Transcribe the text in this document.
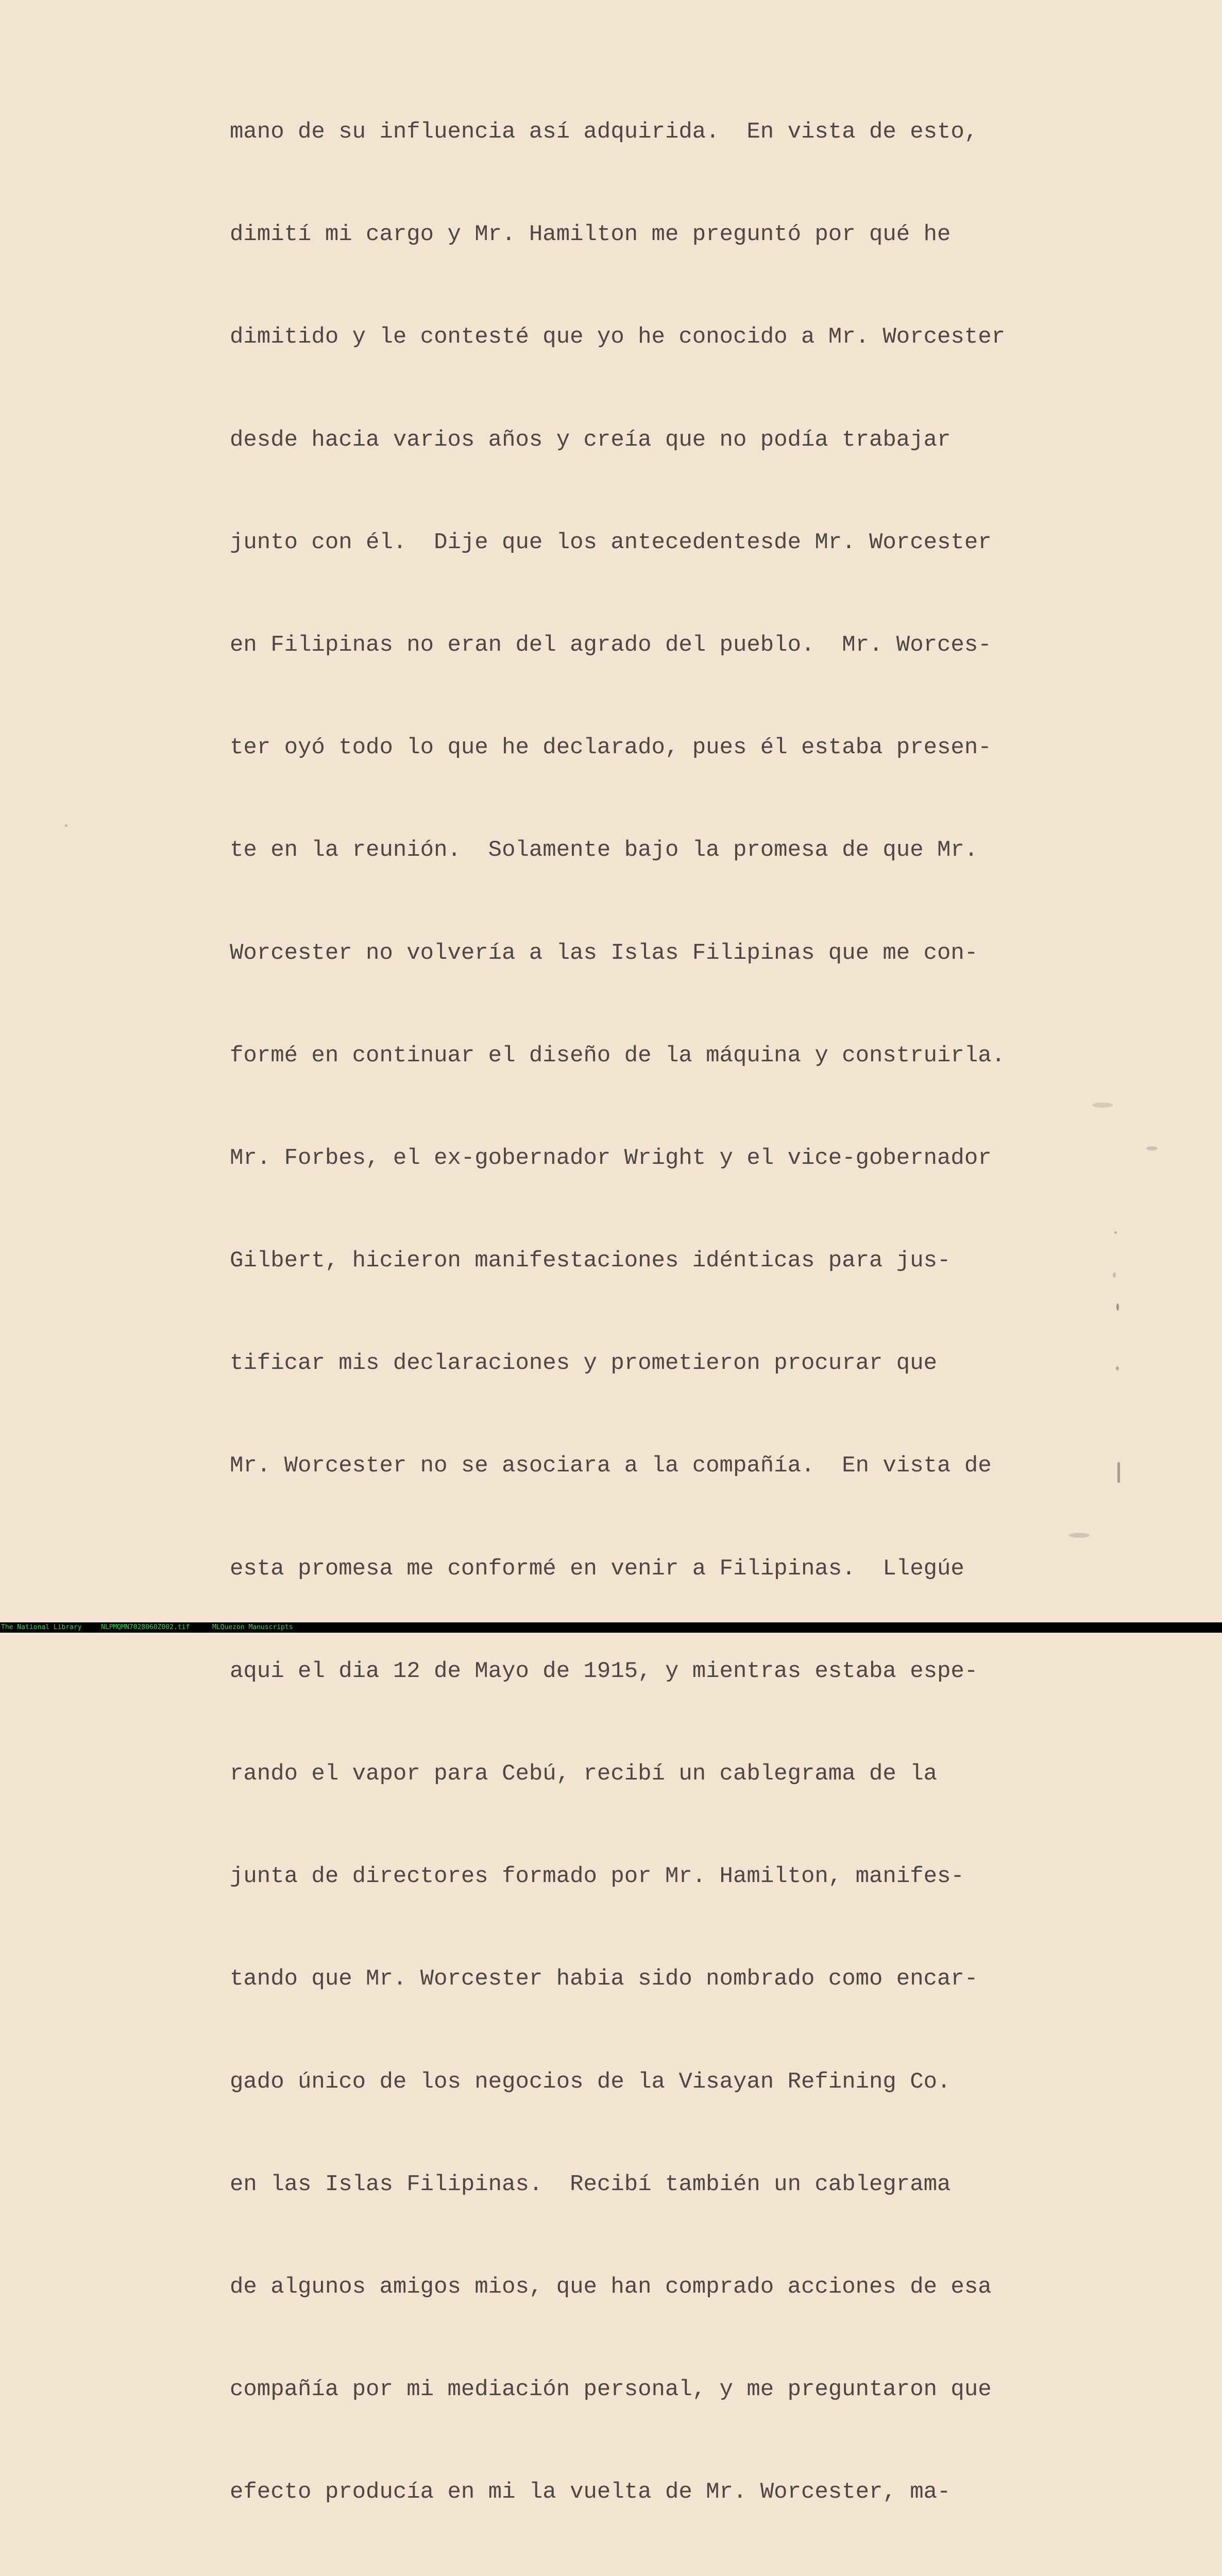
mano de su influencia así adquirida.  En vista de esto,

dimití mi cargo y Mr. Hamilton me preguntó por qué he

dimitido y le contesté que yo he conocido a Mr. Worcester

desde hacia varios años y creía que no podía trabajar

junto con él.  Dije que los antecedentesde Mr. Worcester

en Filipinas no eran del agrado del pueblo.  Mr. Worces-

ter oyó todo lo que he declarado, pues él estaba presen-

te en la reunión.  Solamente bajo la promesa de que Mr.

Worcester no volvería a las Islas Filipinas que me con-

formé en continuar el diseño de la máquina y construirla.

Mr. Forbes, el ex-gobernador Wright y el vice-gobernador

Gilbert, hicieron manifestaciones idénticas para jus-

tificar mis declaraciones y prometieron procurar que

Mr. Worcester no se asociara a la compañía.  En vista de

esta promesa me conformé en venir a Filipinas.  Llegúe

aqui el dia 12 de Mayo de 1915, y mientras estaba espe-

rando el vapor para Cebú, recibí un cablegrama de la

junta de directores formado por Mr. Hamilton, manifes-

tando que Mr. Worcester habia sido nombrado como encar-

gado único de los negocios de la Visayan Refining Co.

en las Islas Filipinas.  Recibí también un cablegrama

de algunos amigos mios, que han comprado acciones de esa

compañía por mi mediación personal, y me preguntaron que

efecto producía en mi la vuelta de Mr. Worcester, ma-

The National Library

	NLPMQMN7028060Z002.tif

	MLQuezon Manuscripts
